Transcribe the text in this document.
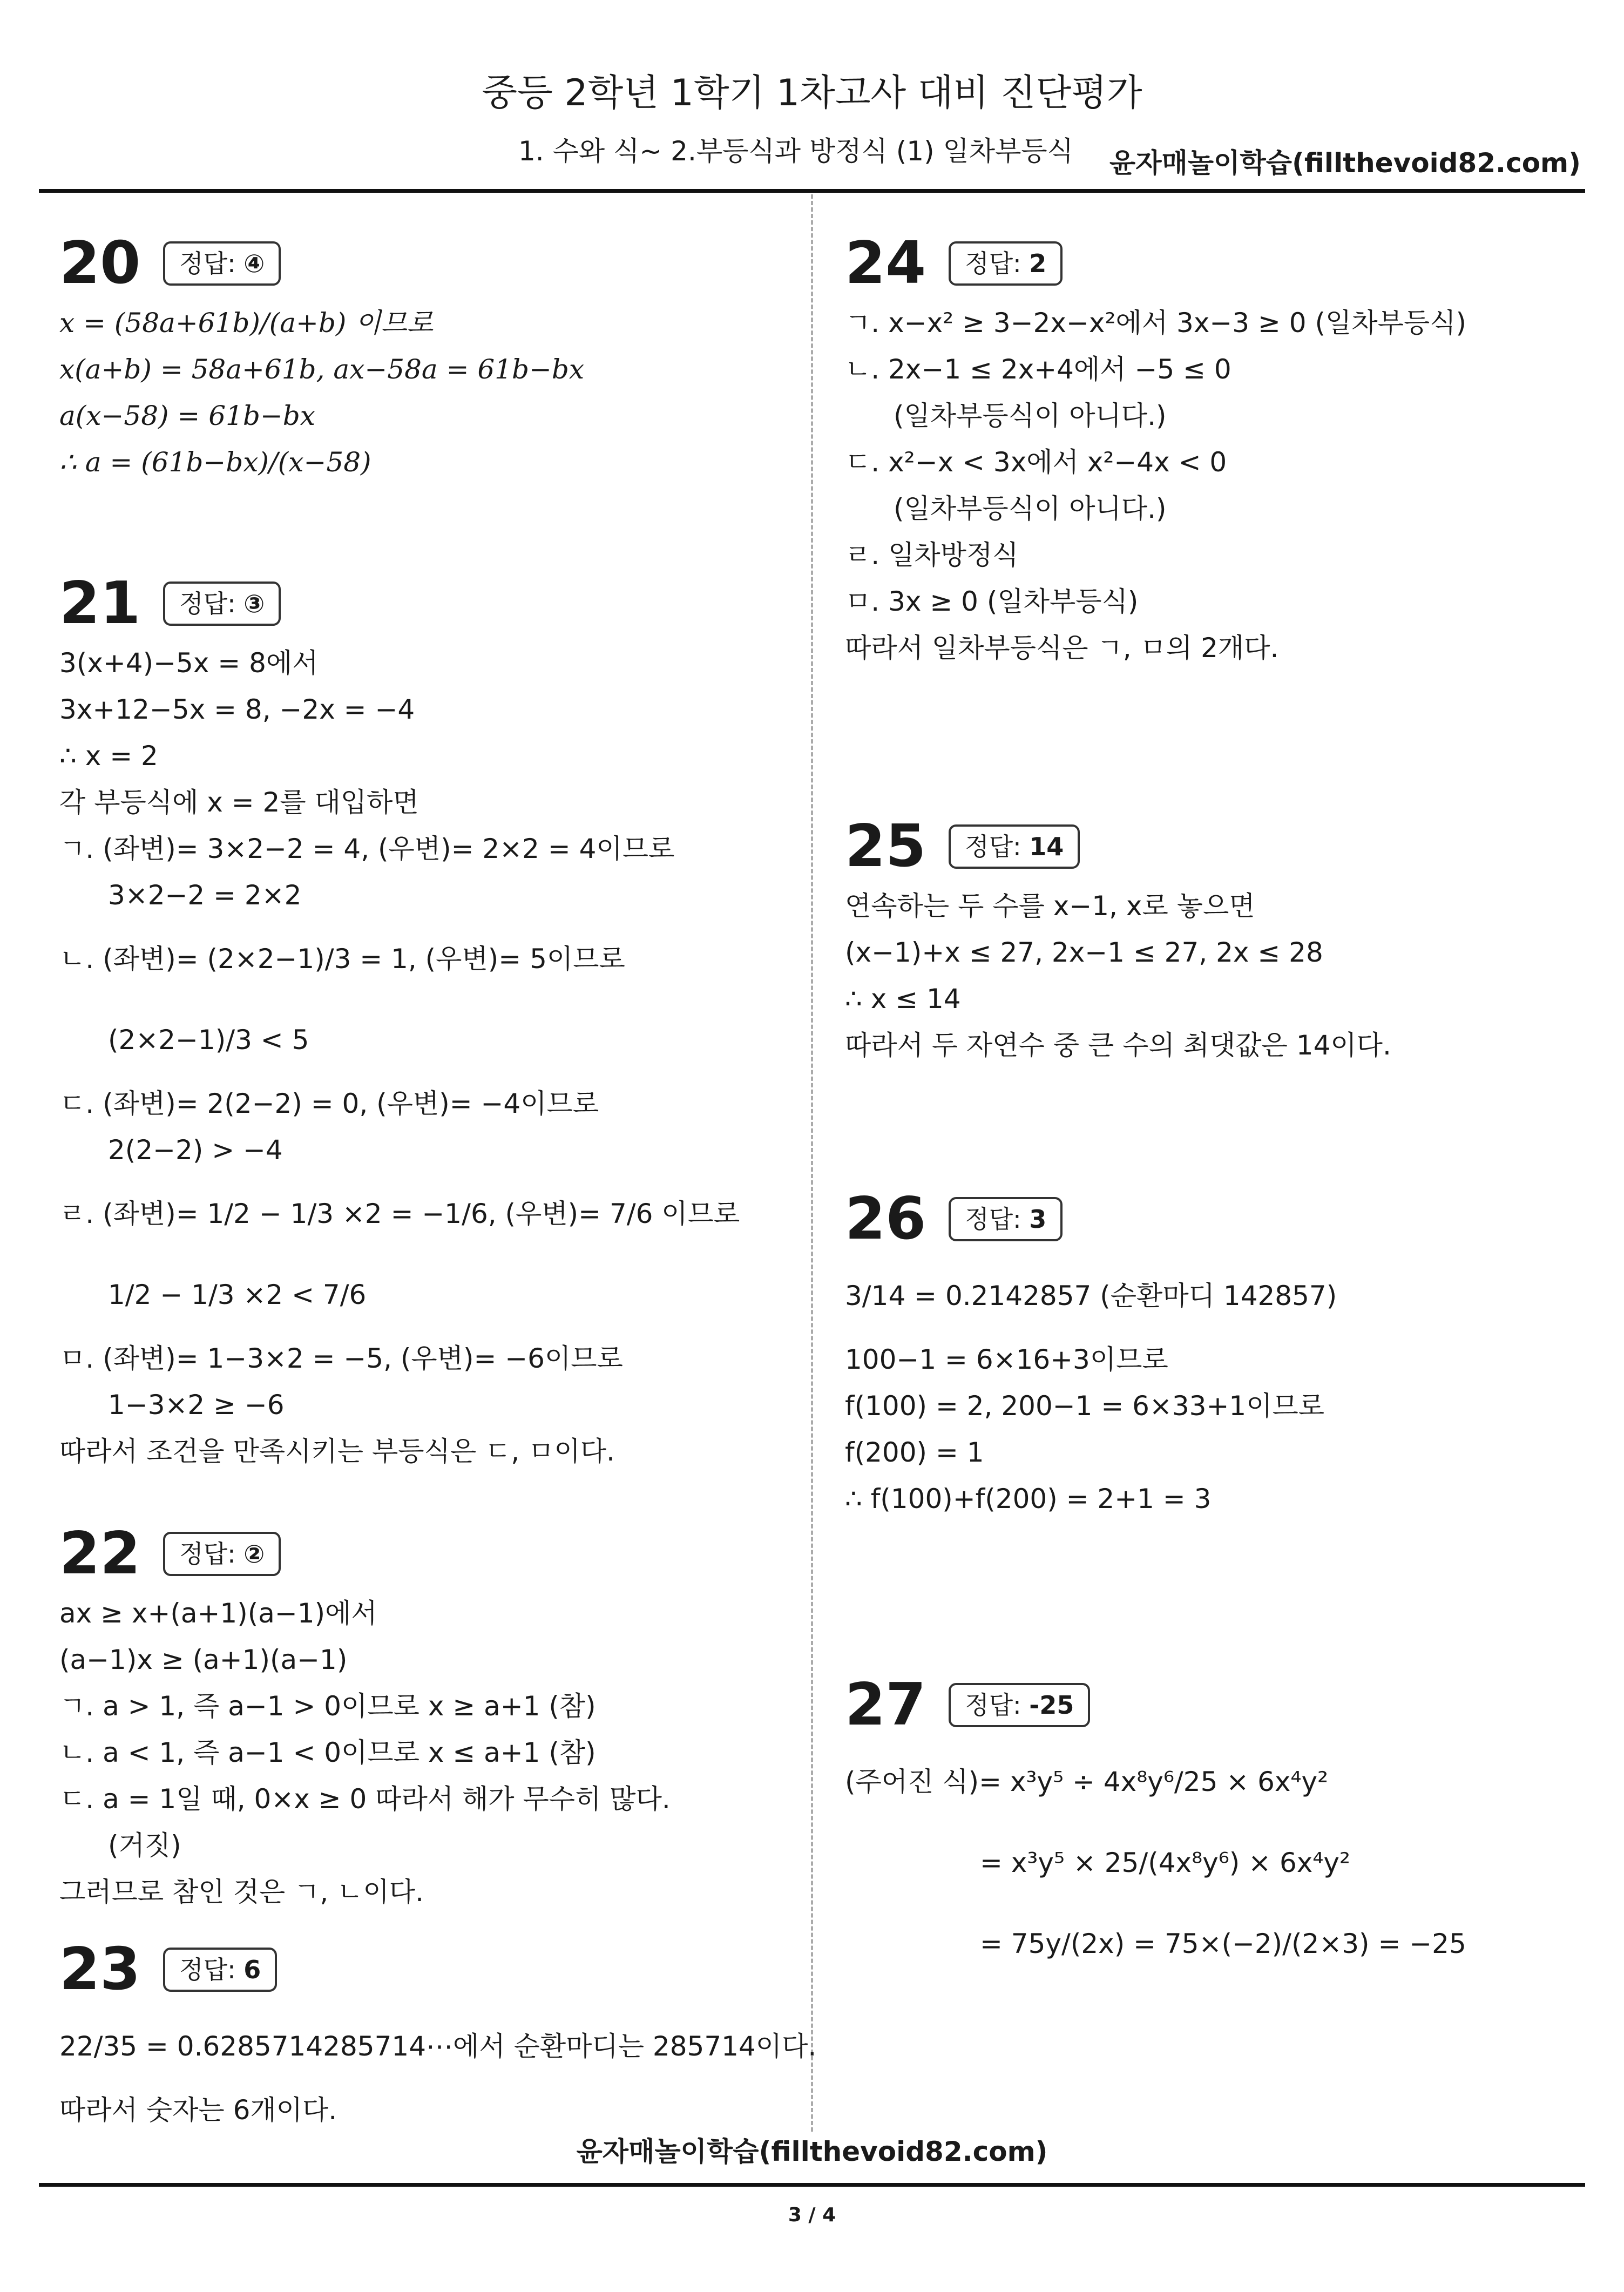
중등 2학년 1학기 1차고사 대비 진단평가
1. 수와 식~ 2.부등식과 방정식 (1) 일차부등식 윤자매놀이학습(fillthevoid82.com)
20	정답: ④
x = (58a+61b)/(a+b) 이므로
x(a+b) = 58a+61b, ax−58a = 61b−bx
a(x−58) = 61b−bx
∴ a = (61b−bx)/(x−58)
21	정답: ③
3(x+4)−5x = 8에서
3x+12−5x = 8, −2x = −4
∴ x = 2
각 부등식에 x = 2를 대입하면
ㄱ. (좌변)= 3×2−2 = 4, (우변)= 2×2 = 4이므로
3×2−2 = 2×2
ㄴ. (좌변)= (2×2−1)/3 = 1, (우변)= 5이므로
(2×2−1)/3 < 5
ㄷ. (좌변)= 2(2−2) = 0, (우변)= −4이므로
2(2−2) > −4
ㄹ. (좌변)= 1/2 − 1/3 ×2 = −1/6, (우변)= 7/6 이므로
1/2 − 1/3 ×2 < 7/6
ㅁ. (좌변)= 1−3×2 = −5, (우변)= −6이므로
1−3×2 ≥ −6
따라서 조건을 만족시키는 부등식은 ㄷ, ㅁ이다.
22	정답: ②
ax ≥ x+(a+1)(a−1)에서
(a−1)x ≥ (a+1)(a−1)
ㄱ. a > 1, 즉 a−1 > 0이므로 x ≥ a+1 (참)
ㄴ. a < 1, 즉 a−1 < 0이므로 x ≤ a+1 (참)
ㄷ. a = 1일 때, 0×x ≥ 0 따라서 해가 무수히 많다.
(거짓)
그러므로 참인 것은 ㄱ, ㄴ이다.
23	정답: 6
22/35 = 0.6285714285714⋯에서 순환마디는 285714이다.
따라서 숫자는 6개이다.
24	정답: 2
ㄱ. x−x² ≥ 3−2x−x²에서 3x−3 ≥ 0 (일차부등식)
ㄴ. 2x−1 ≤ 2x+4에서 −5 ≤ 0
(일차부등식이 아니다.)
ㄷ. x²−x < 3x에서 x²−4x < 0
(일차부등식이 아니다.)
ㄹ. 일차방정식
ㅁ. 3x ≥ 0 (일차부등식)
따라서 일차부등식은 ㄱ, ㅁ의 2개다.
25	정답: 14
연속하는 두 수를 x−1, x로 놓으면
(x−1)+x ≤ 27, 2x−1 ≤ 27, 2x ≤ 28
∴ x ≤ 14
따라서 두 자연수 중 큰 수의 최댓값은 14이다.
26	정답: 3
3/14 = 0.2142857 (순환마디 142857)
100−1 = 6×16+3이므로
f(100) = 2, 200−1 = 6×33+1이므로
f(200) = 1
∴ f(100)+f(200) = 2+1 = 3
27	정답: -25
(주어진 식)= x³y⁵ ÷ 4x⁸y⁶/25 × 6x⁴y²
= x³y⁵ × 25/(4x⁸y⁶) × 6x⁴y²
= 75y/(2x) = 75×(−2)/(2×3) = −25
윤자매놀이학습(fillthevoid82.com)
3 / 4
